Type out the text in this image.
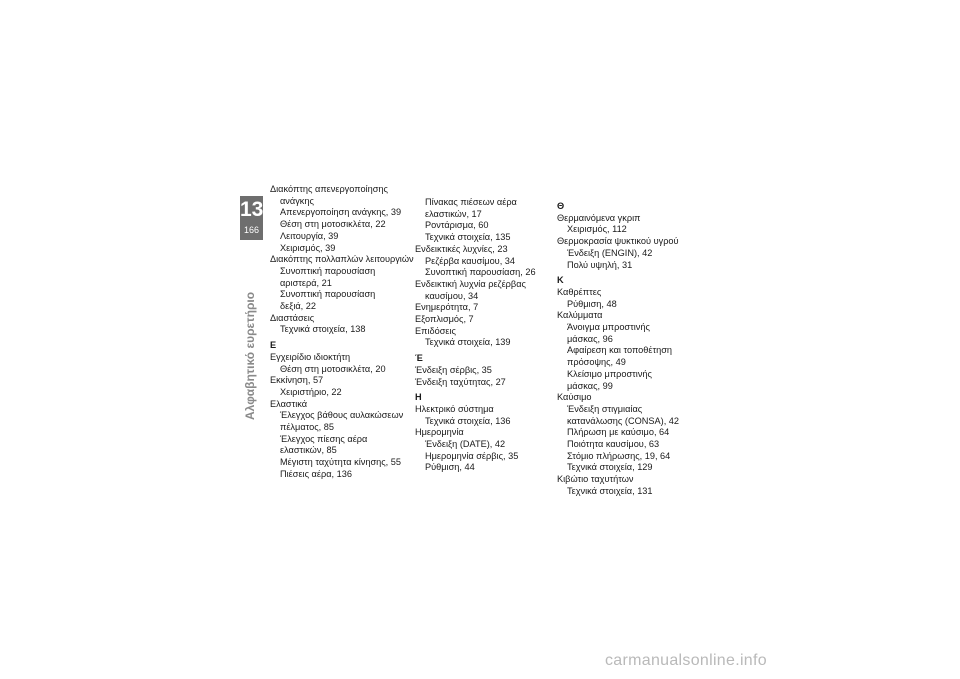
13
166
Αλφαβητικό ευρετήριο
Διακόπτης απενεργοποίησης
ανάγκης
Απενεργοποίηση ανάγκης, 39
Θέση στη μοτοσικλέτα, 22
Λειτουργία, 39
Χειρισμός, 39
Διακόπτης πολλαπλών λειτουργιών
Συνοπτική παρουσίαση
αριστερά, 21
Συνοπτική παρουσίαση
δεξιά, 22
Διαστάσεις
Τεχνικά στοιχεία, 138
Ε
Εγχειρίδιο ιδιοκτήτη
Θέση στη μοτοσικλέτα, 20
Εκκίνηση, 57
Χειριστήριο, 22
Ελαστικά
Έλεγχος βάθους αυλακώσεων
πέλματος, 85
Έλεγχος πίεσης αέρα
ελαστικών, 85
Μέγιστη ταχύτητα κίνησης, 55
Πιέσεις αέρα, 136
Πίνακας πιέσεων αέρα
ελαστικών, 17
Ροντάρισμα, 60
Τεχνικά στοιχεία, 135
Ενδεικτικές λυχνίες, 23
Ρεζέρβα καυσίμου, 34
Συνοπτική παρουσίαση, 26
Ενδεικτική λυχνία ρεζέρβας
καυσίμου, 34
Ενημερότητα, 7
Εξοπλισμός, 7
Επιδόσεις
Τεχνικά στοιχεία, 139
Έ
Ένδειξη σέρβις, 35
Ένδειξη ταχύτητας, 27
Η
Ηλεκτρικό σύστημα
Τεχνικά στοιχεία, 136
Ημερομηνία
Ένδειξη (DATE), 42
Ημερομηνία σέρβις, 35
Ρύθμιση, 44
Θ
Θερμαινόμενα γκριπ
Χειρισμός, 112
Θερμοκρασία ψυκτικού υγρού
Ένδειξη (ENGIN), 42
Πολύ υψηλή, 31
Κ
Καθρέπτες
Ρύθμιση, 48
Καλύμματα
Άνοιγμα μπροστινής
μάσκας, 96
Αφαίρεση και τοποθέτηση
πρόσοψης, 49
Κλείσιμο μπροστινής
μάσκας, 99
Καύσιμο
Ένδειξη στιγμιαίας
κατανάλωσης (CONSA), 42
Πλήρωση με καύσιμο, 64
Ποιότητα καυσίμου, 63
Στόμιο πλήρωσης, 19, 64
Τεχνικά στοιχεία, 129
Κιβώτιο ταχυτήτων
Τεχνικά στοιχεία, 131
carmanualsonline.info
